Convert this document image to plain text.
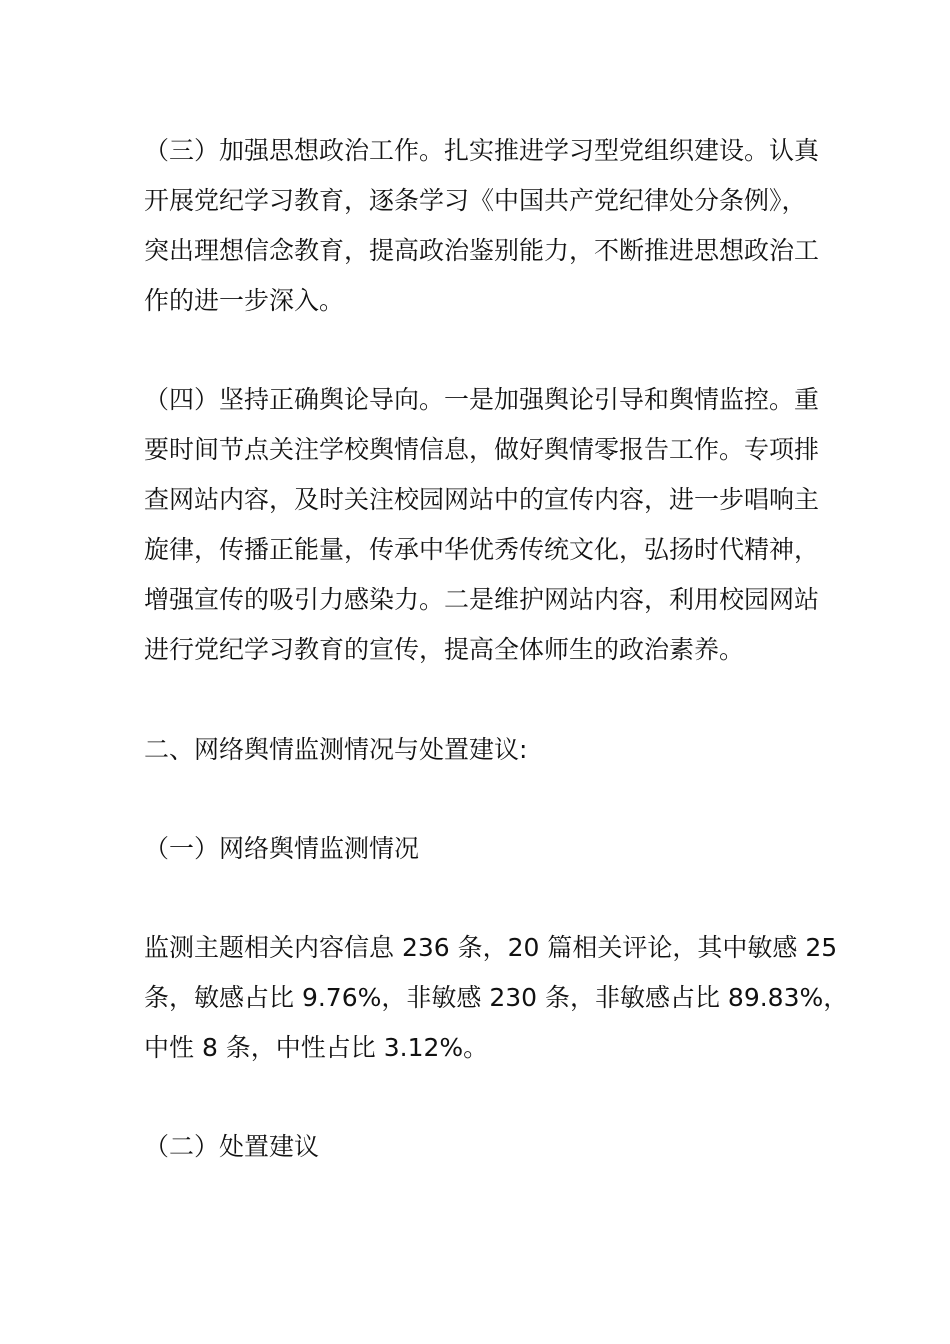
（三）加强思想政治工作。扎实推进学习型党组织建设。认真
开展党纪学习教育，逐条学习《中国共产党纪律处分条例》，
突出理想信念教育，提高政治鉴别能力，不断推进思想政治工
作的进一步深入。
（四）坚持正确舆论导向。一是加强舆论引导和舆情监控。重
要时间节点关注学校舆情信息，做好舆情零报告工作。专项排
查网站内容，及时关注校园网站中的宣传内容，进一步唱响主
旋律，传播正能量，传承中华优秀传统文化，弘扬时代精神，
增强宣传的吸引力感染力。二是维护网站内容，利用校园网站
进行党纪学习教育的宣传，提高全体师生的政治素养。
二、网络舆情监测情况与处置建议:
（一）网络舆情监测情况
监测主题相关内容信息 236 条，20 篇相关评论，其中敏感 25
条，敏感占比 9.76%，非敏感 230 条，非敏感占比 89.83%，
中性 8 条，中性占比 3.12%。
（二）处置建议
